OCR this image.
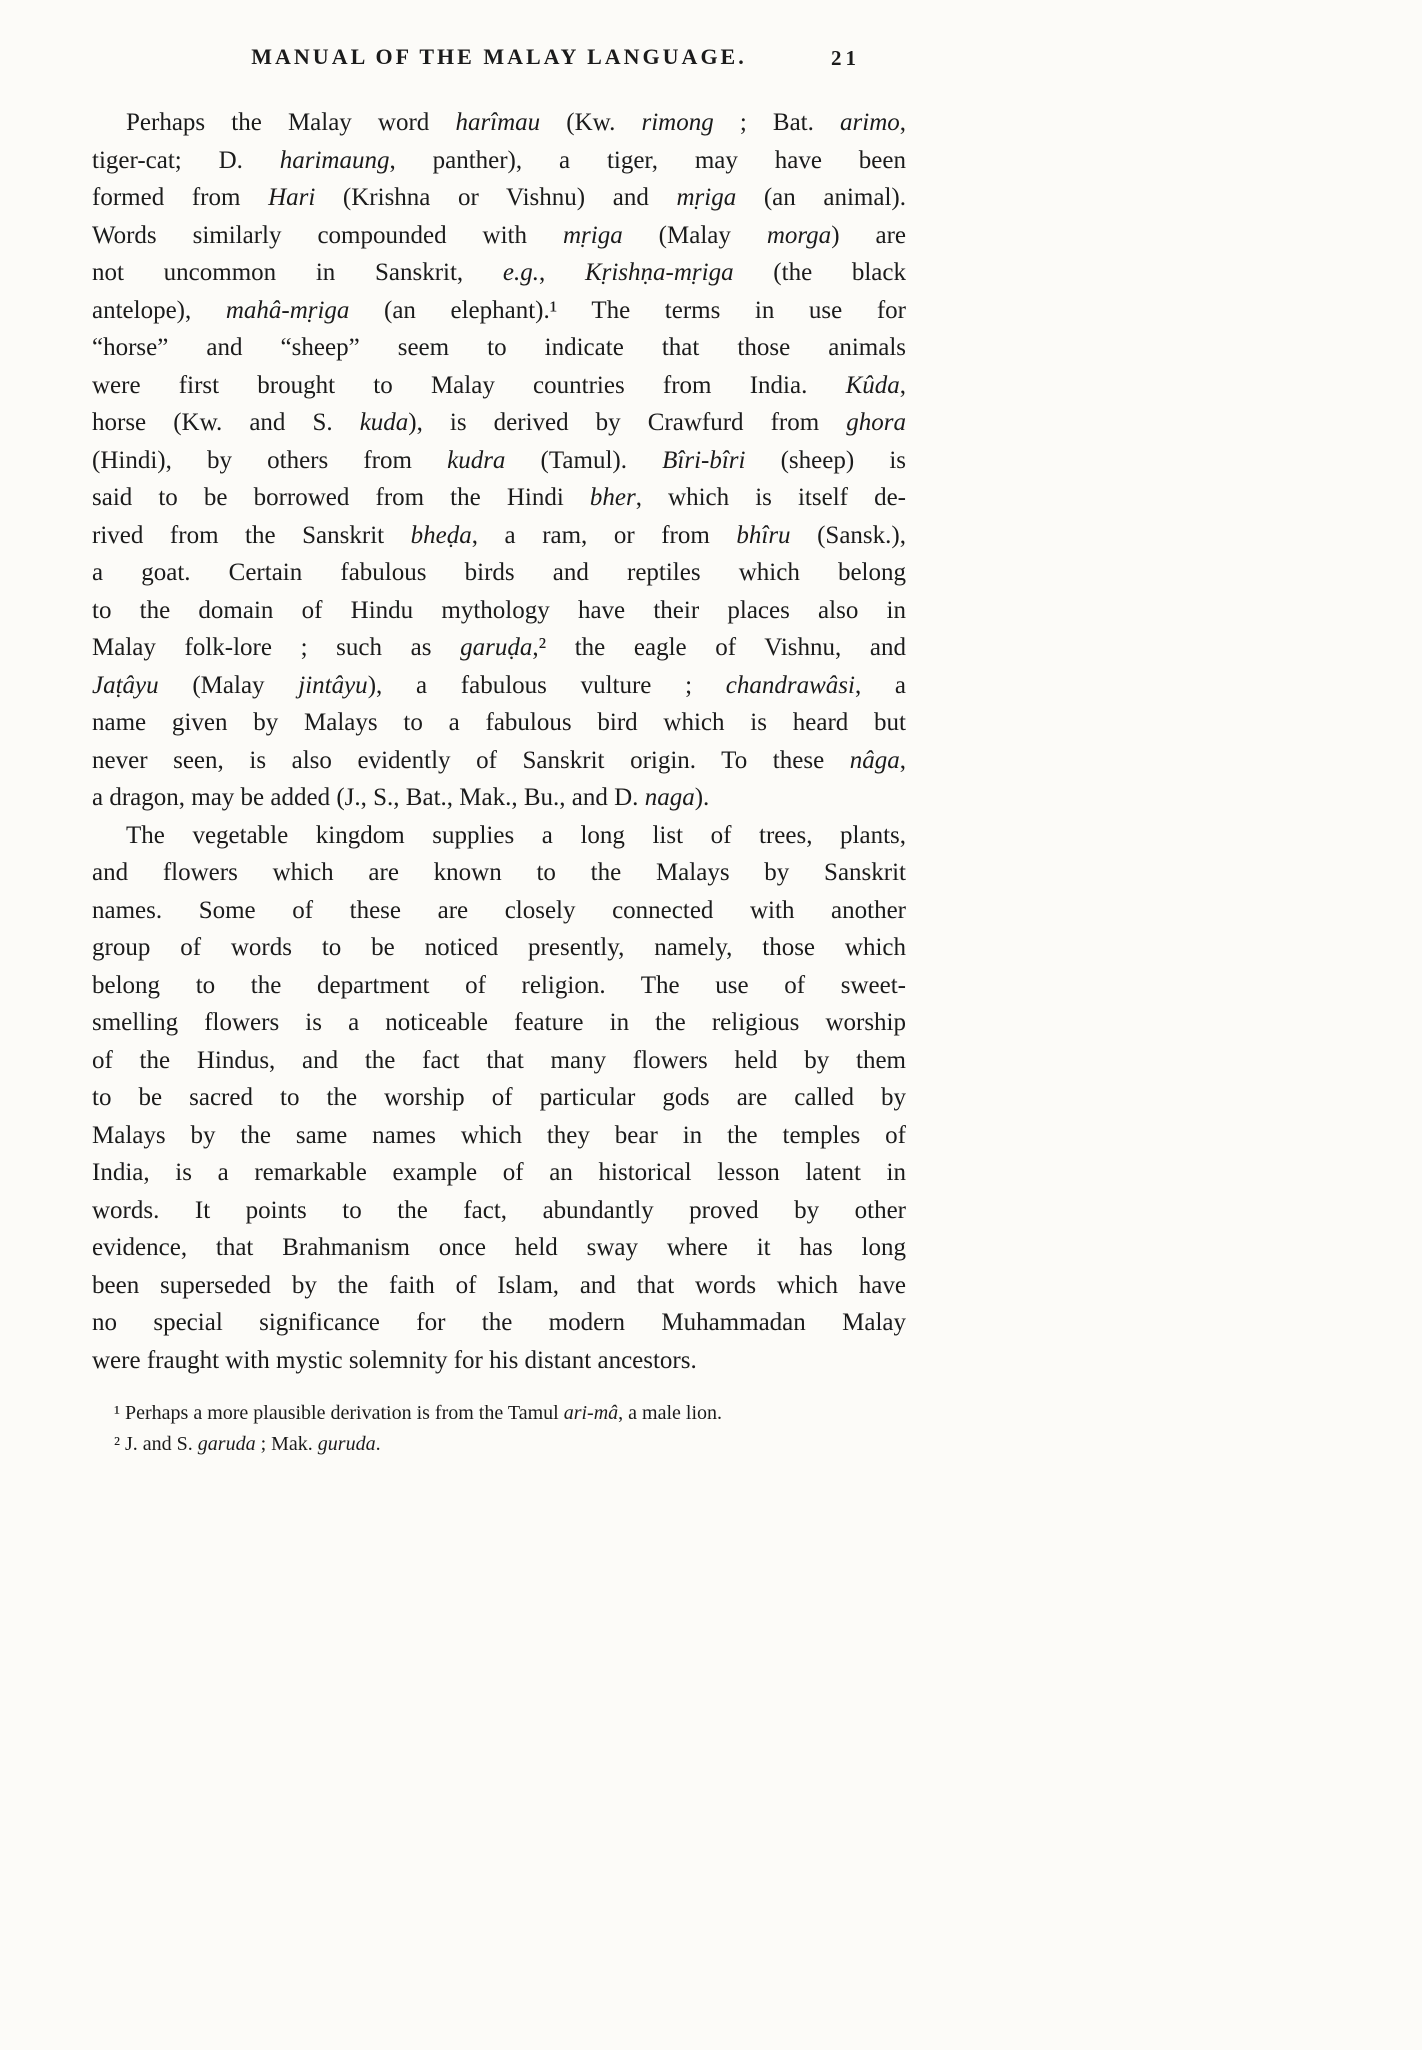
MANUAL OF THE MALAY LANGUAGE.	21
Perhaps the Malay word harîmau (Kw. rimong ; Bat. arimo,
tiger-cat; D. harimaung, panther), a tiger, may have been
formed from Hari (Krishna or Vishnu) and mṛiga (an animal).
Words similarly compounded with mṛiga (Malay morga) are
not uncommon in Sanskrit, e.g., Kṛishṇa-mṛiga (the black
antelope), mahâ-mṛiga (an elephant).¹ The terms in use for
“horse” and “sheep” seem to indicate that those animals
were first brought to Malay countries from India. Kûda,
horse (Kw. and S. kuda), is derived by Crawfurd from ghora
(Hindi), by others from kudra (Tamul). Bîri-bîri (sheep) is
said to be borrowed from the Hindi bher, which is itself de-
rived from the Sanskrit bheḍa, a ram, or from bhîru (Sansk.),
a goat. Certain fabulous birds and reptiles which belong
to the domain of Hindu mythology have their places also in
Malay folk-lore ; such as garuḍa,² the eagle of Vishnu, and
Jaṭâyu (Malay jintâyu), a fabulous vulture ; chandrawâsi, a
name given by Malays to a fabulous bird which is heard but
never seen, is also evidently of Sanskrit origin. To these nâga,
a dragon, may be added (J., S., Bat., Mak., Bu., and D. naga).
The vegetable kingdom supplies a long list of trees, plants,
and flowers which are known to the Malays by Sanskrit
names. Some of these are closely connected with another
group of words to be noticed presently, namely, those which
belong to the department of religion. The use of sweet-
smelling flowers is a noticeable feature in the religious worship
of the Hindus, and the fact that many flowers held by them
to be sacred to the worship of particular gods are called by
Malays by the same names which they bear in the temples of
India, is a remarkable example of an historical lesson latent in
words. It points to the fact, abundantly proved by other
evidence, that Brahmanism once held sway where it has long
been superseded by the faith of Islam, and that words which have
no special significance for the modern Muhammadan Malay
were fraught with mystic solemnity for his distant ancestors.
¹ Perhaps a more plausible derivation is from the Tamul ari-mâ, a male lion.
² J. and S. garuda ; Mak. guruda.
